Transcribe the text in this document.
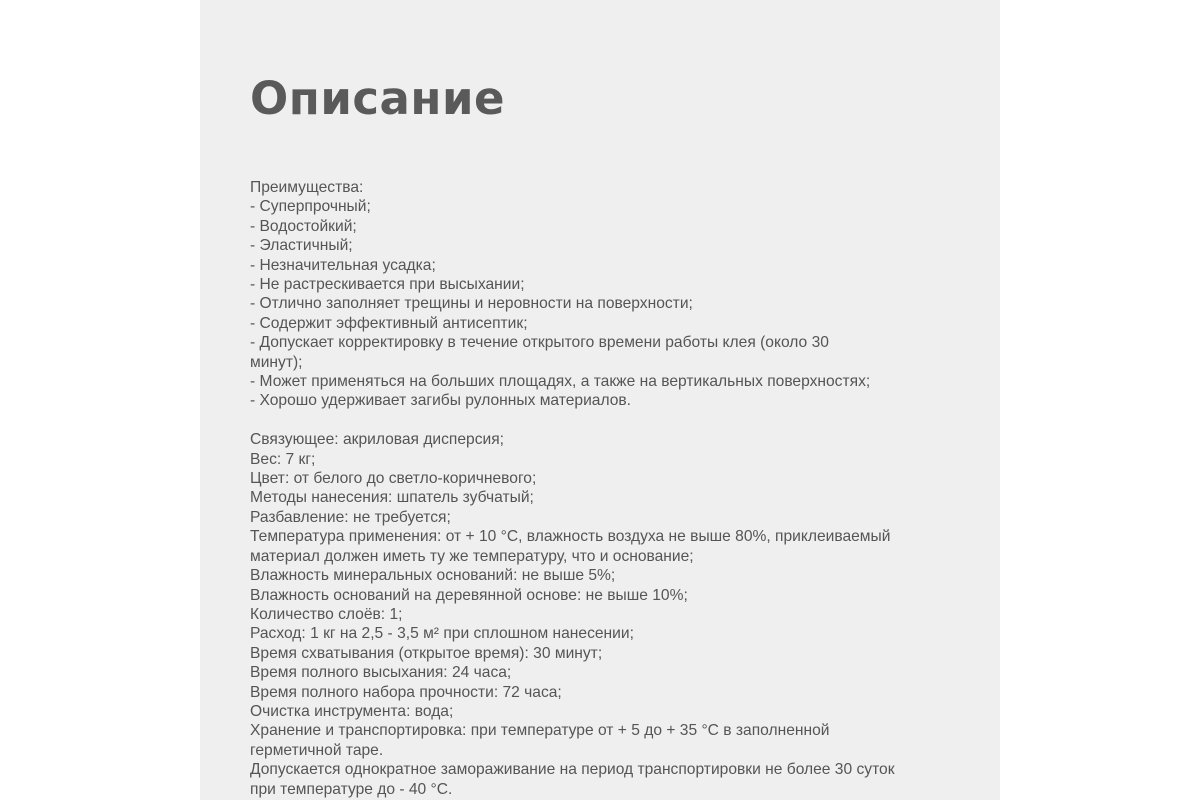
Описание
Преимущества:
- Суперпрочный;
- Водостойкий;
- Эластичный;
- Незначительная усадка;
- Не растрескивается при высыхании;
- Отлично заполняет трещины и неровности на поверхности;
- Содержит эффективный антисептик;
- Допускает корректировку в течение открытого времени работы клея (около 30
минут);
- Может применяться на больших площадях, а также на вертикальных поверхностях;
- Хорошо удерживает загибы рулонных материалов.
Связующее: акриловая дисперсия;
Вес: 7 кг;
Цвет: от белого до светло-коричневого;
Методы нанесения: шпатель зубчатый;
Разбавление: не требуется;
Температура применения: от + 10 °С, влажность воздуха не выше 80%, приклеиваемый
материал должен иметь ту же температуру, что и основание;
Влажность минеральных оснований: не выше 5%;
Влажность оснований на деревянной основе: не выше 10%;
Количество слоёв: 1;
Расход: 1 кг на 2,5 - 3,5 м² при сплошном нанесении;
Время схватывания (открытое время): 30 минут;
Время полного высыхания: 24 часа;
Время полного набора прочности: 72 часа;
Очистка инструмента: вода;
Хранение и транспортировка: при температуре от + 5 до + 35 °С в заполненной
герметичной таре.
Допускается однократное замораживание на период транспортировки не более 30 суток
при температуре до - 40 °С.
